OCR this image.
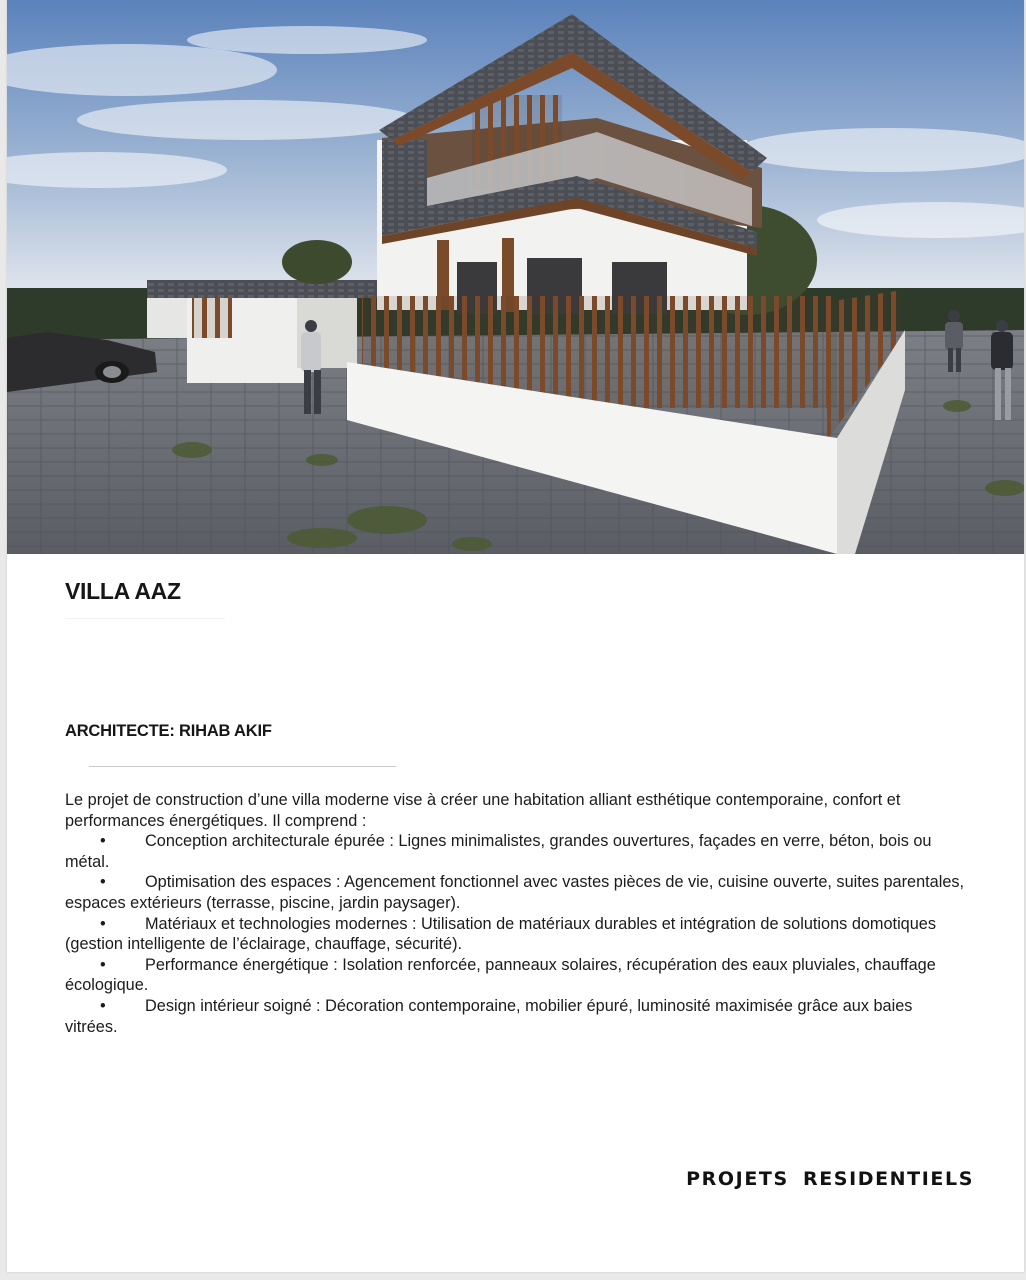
VILLA AAZ
ARCHITECTE: RIHAB AKIF

Le projet de construction d’une villa moderne vise à créer une habitation alliant esthétique contemporaine, confort et performances énergétiques. Il comprend :

• Conception architecturale épurée : Lignes minimalistes, grandes ouvertures, façades en verre, béton, bois ou métal.
• Optimisation des espaces : Agencement fonctionnel avec vastes pièces de vie, cuisine ouverte, suites parentales, espaces extérieurs (terrasse, piscine, jardin paysager).
• Matériaux et technologies modernes : Utilisation de matériaux durables et intégration de solutions domotiques (gestion intelligente de l’éclairage, chauffage, sécurité).
• Performance énergétique : Isolation renforcée, panneaux solaires, récupération des eaux pluviales, chauffage écologique.
• Design intérieur soigné : Décoration contemporaine, mobilier épuré, luminosité maximisée grâce aux baies vitrées.
PROJETS RESIDENTIELS
